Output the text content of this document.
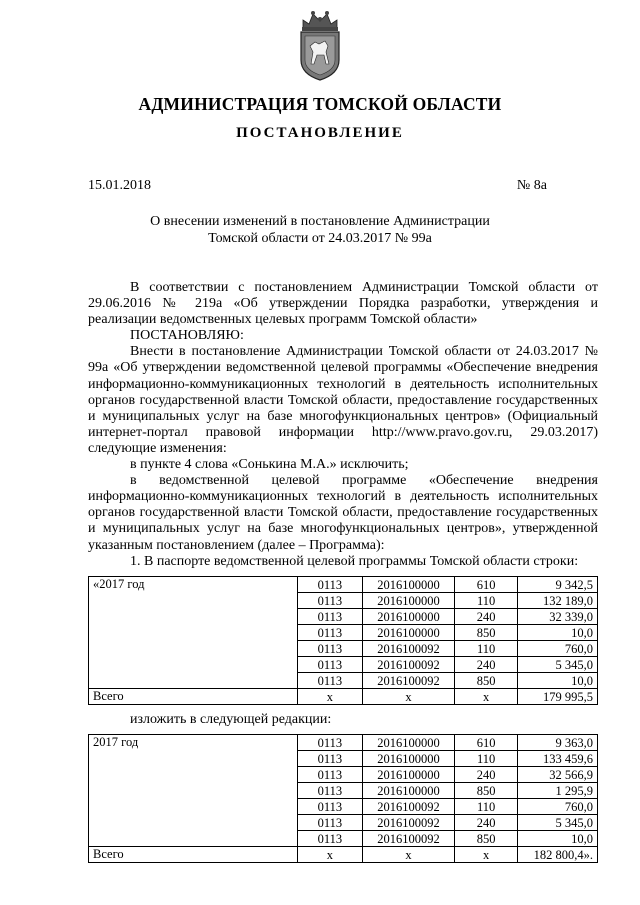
АДМИНИСТРАЦИЯ ТОМСКОЙ ОБЛАСТИ
ПОСТАНОВЛЕНИЕ
15.01.2018	№ 8а
О внесении изменений в постановление Администрации
Томской области от 24.03.2017 № 99а

В соответствии с постановлением Администрации Томской области от 29.06.2016 № 219а «Об утверждении Порядка разработки, утверждения и реализации ведомственных целевых программ Томской области»

ПОСТАНОВЛЯЮ:

Внести в постановление Администрации Томской области от 24.03.2017 № 99а «Об утверждении ведомственной целевой программы «Обеспечение внедрения информационно-коммуникационных технологий в деятельность исполнительных органов государственной власти Томской области, предоставление государственных и муниципальных услуг на базе многофункциональных центров» (Официальный интернет-портал правовой информации http://www.pravo.gov.ru, 29.03.2017) следующие изменения:

в пункте 4 слова «Сонькина М.А.» исключить;

в ведомственной целевой программе «Обеспечение внедрения информационно-коммуникационных технологий в деятельность исполнительных органов государственной власти Томской области, предоставление государственных и муниципальных услуг на базе многофункциональных центров», утвержденной указанным постановлением (далее – Программа):

1. В паспорте ведомственной целевой программы Томской области строки:

«2017 год	0113	2016100000	610	9 342,5
	0113	2016100000	110	132 189,0
	0113	2016100000	240	32 339,0
	0113	2016100000	850	10,0
	0113	2016100092	110	760,0
	0113	2016100092	240	5 345,0
	0113	2016100092	850	10,0
Всего	х	х	х	179 995,5
изложить в следующей редакции:
2017 год	0113	2016100000	610	9 363,0
	0113	2016100000	110	133 459,6
	0113	2016100000	240	32 566,9
	0113	2016100000	850	1 295,9
	0113	2016100092	110	760,0
	0113	2016100092	240	5 345,0
	0113	2016100092	850	10,0
Всего	х	х	х	182 800,4».
